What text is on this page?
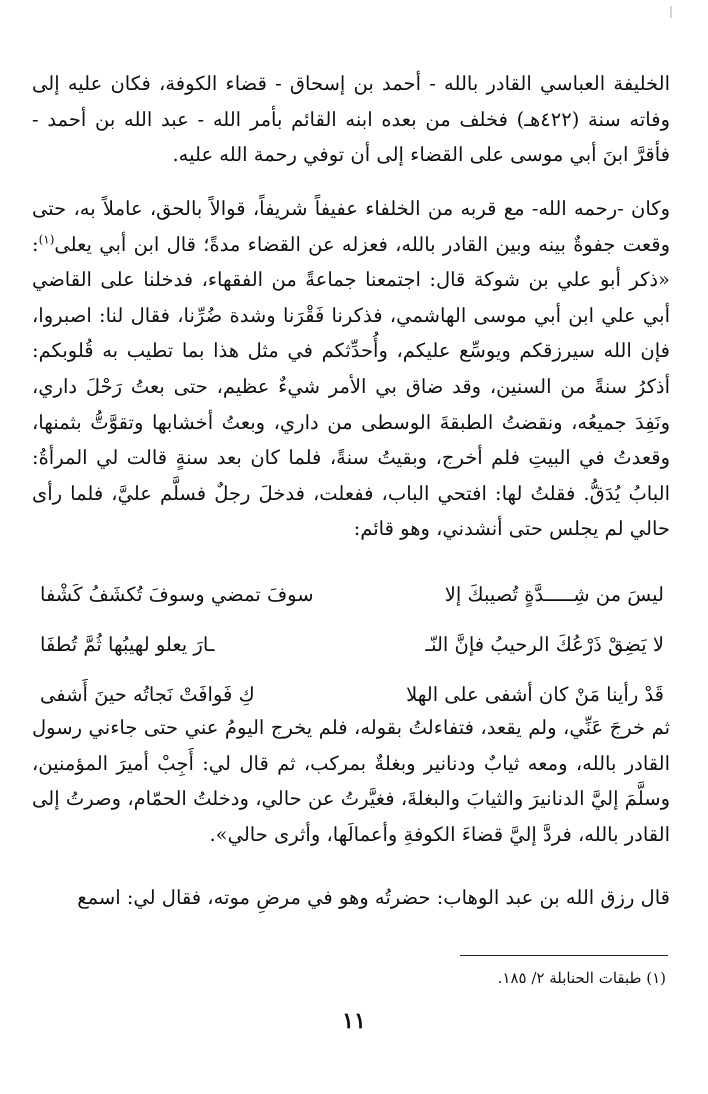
الخليفة العباسي القادر بالله - أحمد بن إسحاق - قضاء الكوفة، فكان عليه إلى وفاته سنة (٤٢٢هـ) فخلف من بعده ابنه القائم بأمر الله - عبد الله بن أحمد - فأقرَّ ابنَ أبي موسى على القضاء إلى أن توفي رحمة الله عليه.

وكان -رحمه الله- مع قربه من الخلفاء عفيفاً شريفاً، قوالاً بالحق، عاملاً به، حتى وقعت جفوةٌ بينه وبين القادر بالله، فعزله عن القضاء مدةً؛ قال ابن أبي يعلى$^{(١)}$: «ذكر أبو علي بن شوكة قال: اجتمعنا جماعةً من الفقهاء، فدخلنا على القاضي أبي علي ابن أبي موسى الهاشمي، فذكرنا فَقْرَنا وشدة ضُرِّنا، فقال لنا: اصبروا، فإن الله سيرزقكم ويوسِّع عليكم، وأُحدِّثكم في مثل هذا بما تطيب به قُلوبكم: أذكرُ سنةً من السنين، وقد ضاق بي الأمر شيءٌ عظيم، حتى بعتُ رَحْلَ داري، ونَفِدَ جميعُه، ونقضتُ الطبقةَ الوسطى من داري، وبعتُ أخشابها وتقوَّتُّ بثمنها، وقعدتُ في البيتِ فلم أخرج، وبقيتُ سنةً، فلما كان بعد سنةٍ قالت لي المرأةُ: البابُ يُدَقُّ. فقلتُ لها: افتحي الباب، ففعلت، فدخلَ رجلٌ فسلَّم عليَّ، فلما رأى حالي لم يجلس حتى أنشدني، وهو قائم:

ليسَ من شِـــــدَّةٍ تُصيبكَ إلا
سوفَ تمضي وسوفَ تُكشَفُ كَشْفا
لا يَضِقْ ذَرْعُكَ الرحيبُ فإنَّ النّـ
ـارَ يعلو لهيبُها ثُمَّ تُطفَا
قَدْ رأينا مَنْ كان أشفى على الهلا
كِ فَوافَتْ نَجاتُه حينَ أَشفى

ثم خرجَ عَنِّي، ولم يقعد، فتفاءلتُ بقوله، فلم يخرج اليومُ عني حتى جاءني رسول القادر بالله، ومعه ثيابٌ ودنانير وبغلةٌ بمركب، ثم قال لي: أَجِبْ أميرَ المؤمنين، وسلَّمَ إليَّ الدنانيرَ والثيابَ والبغلةَ، فغيَّرتُ عن حالي، ودخلتُ الحمّام، وصرتُ إلى القادر بالله، فردَّ إليَّ قضاءَ الكوفةِ وأعمالَها، وأثرى حالي».

قال رزق الله بن عبد الوهاب: حضرتُه وهو في مرضِ موته، فقال لي: اسمع

(١) طبقات الحنابلة ٢/ ١٨٥.

١١
